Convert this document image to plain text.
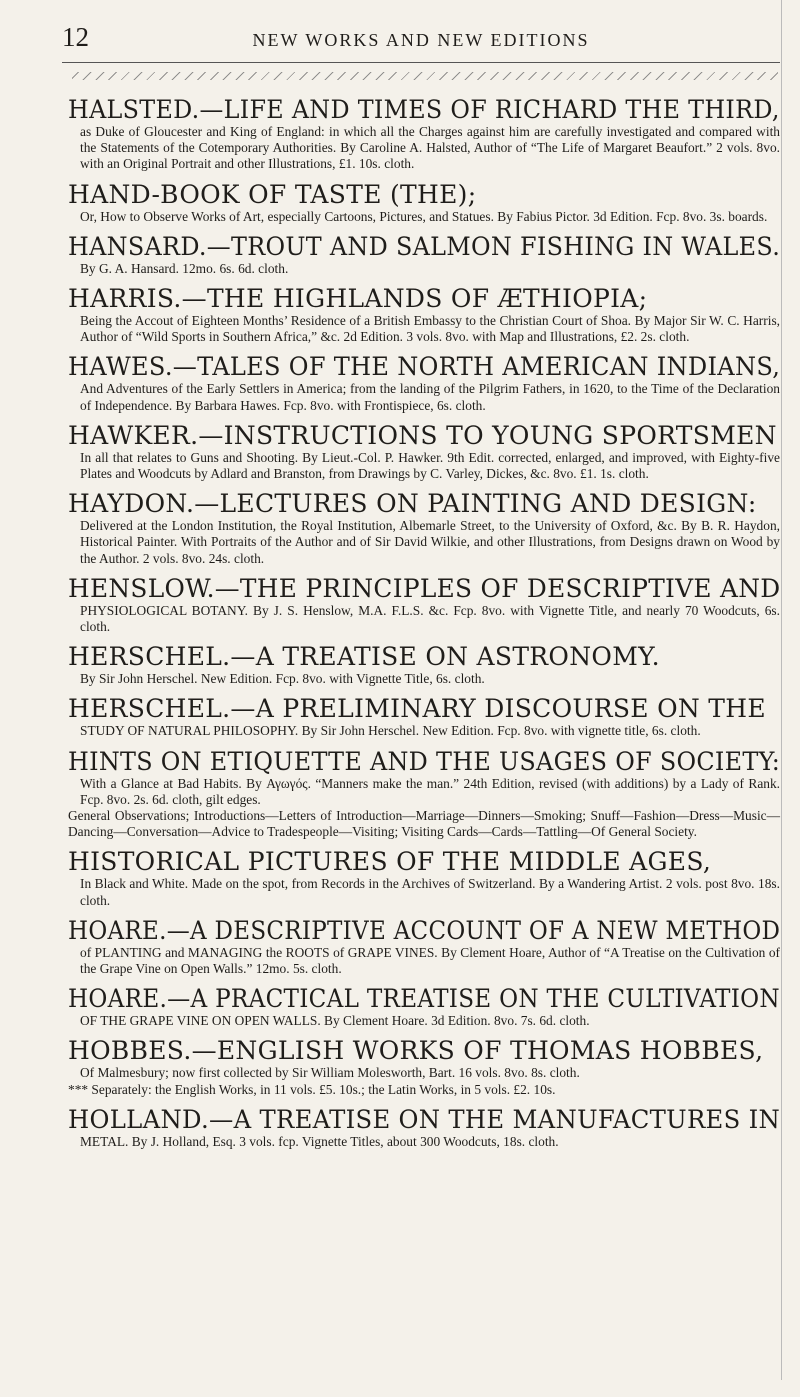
12	NEW WORKS AND NEW EDITIONS
HALSTED.—LIFE AND TIMES OF RICHARD THE THIRD,
as Duke of Gloucester and King of England: in which all the Charges against him are carefully investigated and compared with the Statements of the Cotemporary Authorities. By Caroline A. Halsted, Author of “The Life of Margaret Beaufort.” 2 vols. 8vo. with an Original Portrait and other Illustrations, £1. 10s. cloth.
HAND-BOOK OF TASTE (THE);
Or, How to Observe Works of Art, especially Cartoons, Pictures, and Statues. By Fabius Pictor. 3d Edition. Fcp. 8vo. 3s. boards.
HANSARD.—TROUT AND SALMON FISHING IN WALES.
By G. A. Hansard. 12mo. 6s. 6d. cloth.
HARRIS.—THE HIGHLANDS OF ÆTHIOPIA;
Being the Accout of Eighteen Months’ Residence of a British Embassy to the Christian Court of Shoa. By Major Sir W. C. Harris, Author of “Wild Sports in Southern Africa,” &c. 2d Edition. 3 vols. 8vo. with Map and Illustrations, £2. 2s. cloth.
HAWES.—TALES OF THE NORTH AMERICAN INDIANS,
And Adventures of the Early Settlers in America; from the landing of the Pilgrim Fathers, in 1620, to the Time of the Declaration of Independence. By Barbara Hawes. Fcp. 8vo. with Frontispiece, 6s. cloth.
HAWKER.—INSTRUCTIONS TO YOUNG SPORTSMEN
In all that relates to Guns and Shooting. By Lieut.-Col. P. Hawker. 9th Edit. corrected, enlarged, and improved, with Eighty-five Plates and Woodcuts by Adlard and Branston, from Drawings by C. Varley, Dickes, &c. 8vo. £1. 1s. cloth.
HAYDON.—LECTURES ON PAINTING AND DESIGN:
Delivered at the London Institution, the Royal Institution, Albemarle Street, to the University of Oxford, &c. By B. R. Haydon, Historical Painter. With Portraits of the Author and of Sir David Wilkie, and other Illustrations, from Designs drawn on Wood by the Author. 2 vols. 8vo. 24s. cloth.
HENSLOW.—THE PRINCIPLES OF DESCRIPTIVE AND
PHYSIOLOGICAL BOTANY. By J. S. Henslow, M.A. F.L.S. &c. Fcp. 8vo. with Vignette Title, and nearly 70 Woodcuts, 6s. cloth.
HERSCHEL.—A TREATISE ON ASTRONOMY.
By Sir John Herschel. New Edition. Fcp. 8vo. with Vignette Title, 6s. cloth.
HERSCHEL.—A PRELIMINARY DISCOURSE ON THE
STUDY OF NATURAL PHILOSOPHY. By Sir John Herschel. New Edition. Fcp. 8vo. with vignette title, 6s. cloth.
HINTS ON ETIQUETTE AND THE USAGES OF SOCIETY:
With a Glance at Bad Habits. By Αγωγός. “Manners make the man.” 24th Edition, revised (with additions) by a Lady of Rank. Fcp. 8vo. 2s. 6d. cloth, gilt edges.
General Observations; Introductions—Letters of Introduction—Marriage—Dinners—Smoking; Snuff—Fashion—Dress—Music—Dancing—Conversation—Advice to Tradespeople—Visiting; Visiting Cards—Cards—Tattling—Of General Society.
HISTORICAL PICTURES OF THE MIDDLE AGES,
In Black and White. Made on the spot, from Records in the Archives of Switzerland. By a Wandering Artist. 2 vols. post 8vo. 18s. cloth.
HOARE.—A DESCRIPTIVE ACCOUNT OF A NEW METHOD
of PLANTING and MANAGING the ROOTS of GRAPE VINES. By Clement Hoare, Author of “A Treatise on the Cultivation of the Grape Vine on Open Walls.” 12mo. 5s. cloth.
HOARE.—A PRACTICAL TREATISE ON THE CULTIVATION
OF THE GRAPE VINE ON OPEN WALLS. By Clement Hoare. 3d Edition. 8vo. 7s. 6d. cloth.
HOBBES.—ENGLISH WORKS OF THOMAS HOBBES,
Of Malmesbury; now first collected by Sir William Molesworth, Bart. 16 vols. 8vo. 8s. cloth.
*** Separately: the English Works, in 11 vols. £5. 10s.; the Latin Works, in 5 vols. £2. 10s.
HOLLAND.—A TREATISE ON THE MANUFACTURES IN
METAL. By J. Holland, Esq. 3 vols. fcp. Vignette Titles, about 300 Woodcuts, 18s. cloth.
